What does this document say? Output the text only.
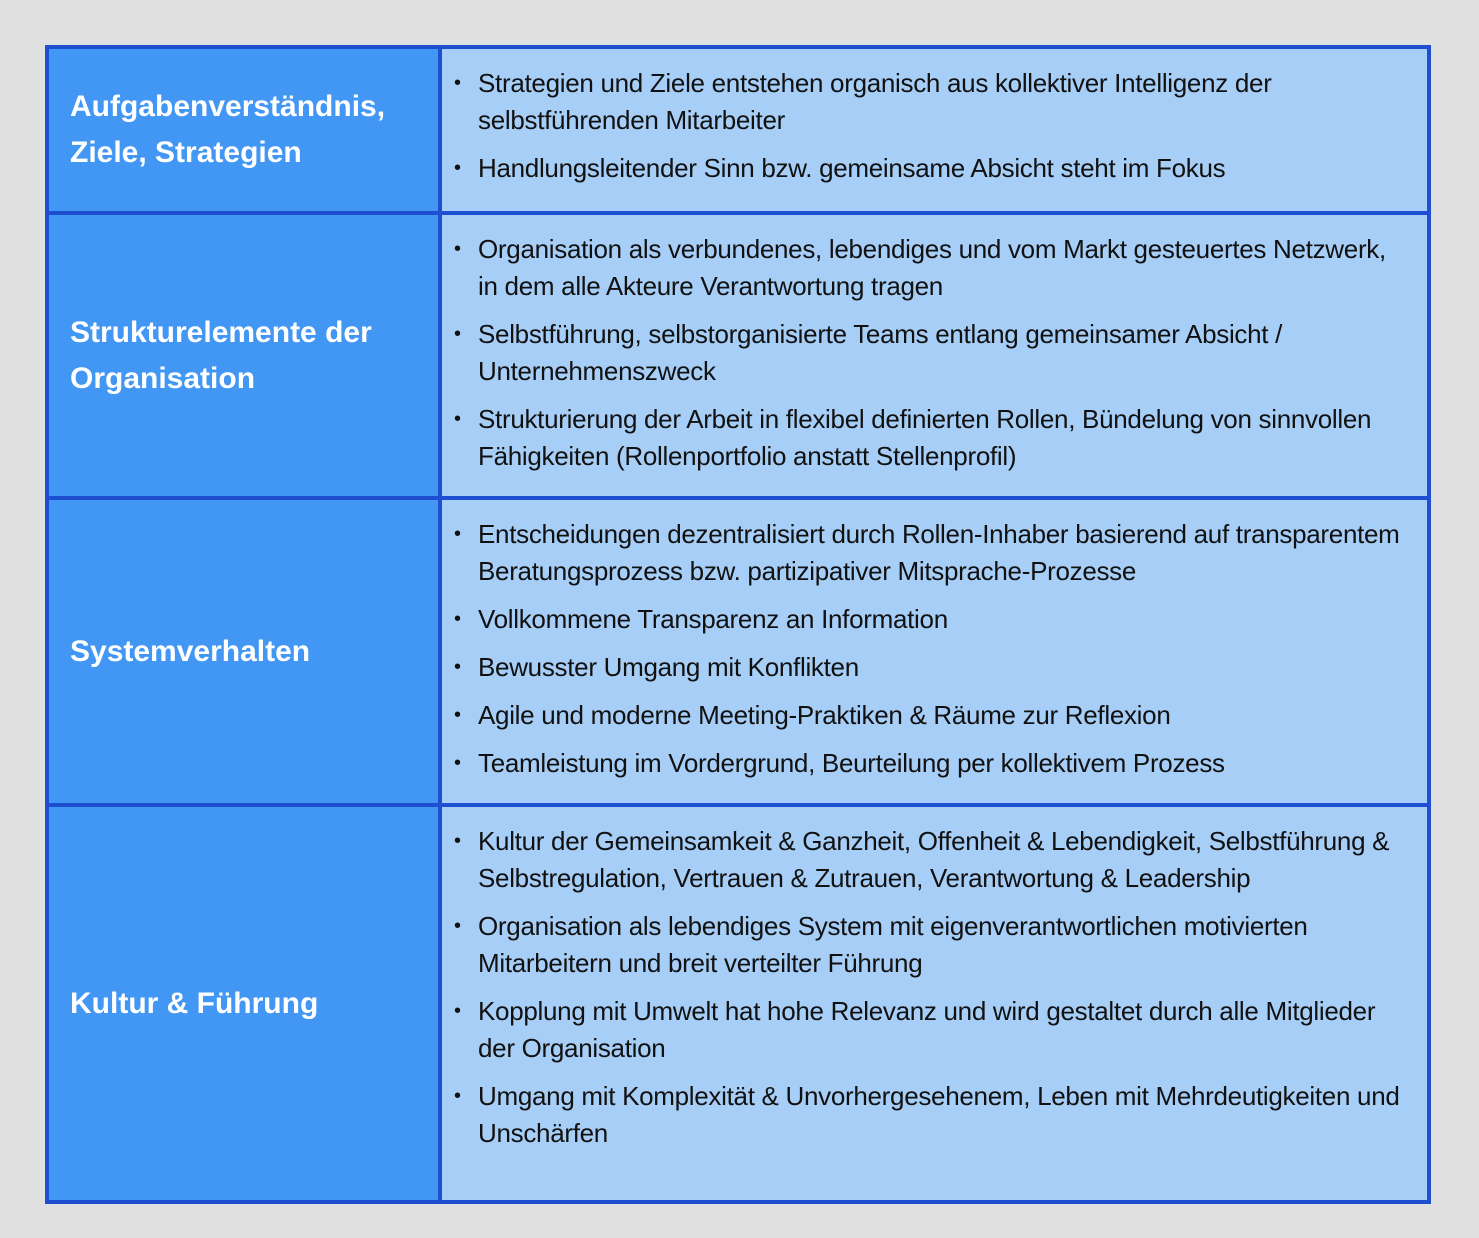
Aufgabenverständnis, Ziele, Strategien
• Strategien und Ziele entstehen organisch aus kollektiver Intelligenz der selbstführenden Mitarbeiter
• Handlungsleitender Sinn bzw. gemeinsame Absicht steht im Fokus
Strukturelemente der Organisation
• Organisation als verbundenes, lebendiges und vom Markt gesteuertes Netzwerk, in dem alle Akteure Verantwortung tragen
• Selbstführung, selbstorganisierte Teams entlang gemeinsamer Absicht / Unternehmenszweck
• Strukturierung der Arbeit in flexibel definierten Rollen, Bündelung von sinnvollen Fähigkeiten (Rollenportfolio anstatt Stellenprofil)
Systemverhalten
• Entscheidungen dezentralisiert durch Rollen-Inhaber basierend auf transparentem Beratungsprozess bzw. partizipativer Mitsprache-Prozesse
• Vollkommene Transparenz an Information
• Bewusster Umgang mit Konflikten
• Agile und moderne Meeting-Praktiken & Räume zur Reflexion
• Teamleistung im Vordergrund, Beurteilung per kollektivem Prozess
Kultur & Führung
• Kultur der Gemeinsamkeit & Ganzheit, Offenheit & Lebendigkeit, Selbstführung & Selbstregulation, Vertrauen & Zutrauen, Verantwortung & Leadership
• Organisation als lebendiges System mit eigenverantwortlichen motivierten Mitarbeitern und breit verteilter Führung
• Kopplung mit Umwelt hat hohe Relevanz und wird gestaltet durch alle Mitglieder der Organisation
• Umgang mit Komplexität & Unvorhergesehenem, Leben mit Mehrdeutigkeiten und Unschärfen
